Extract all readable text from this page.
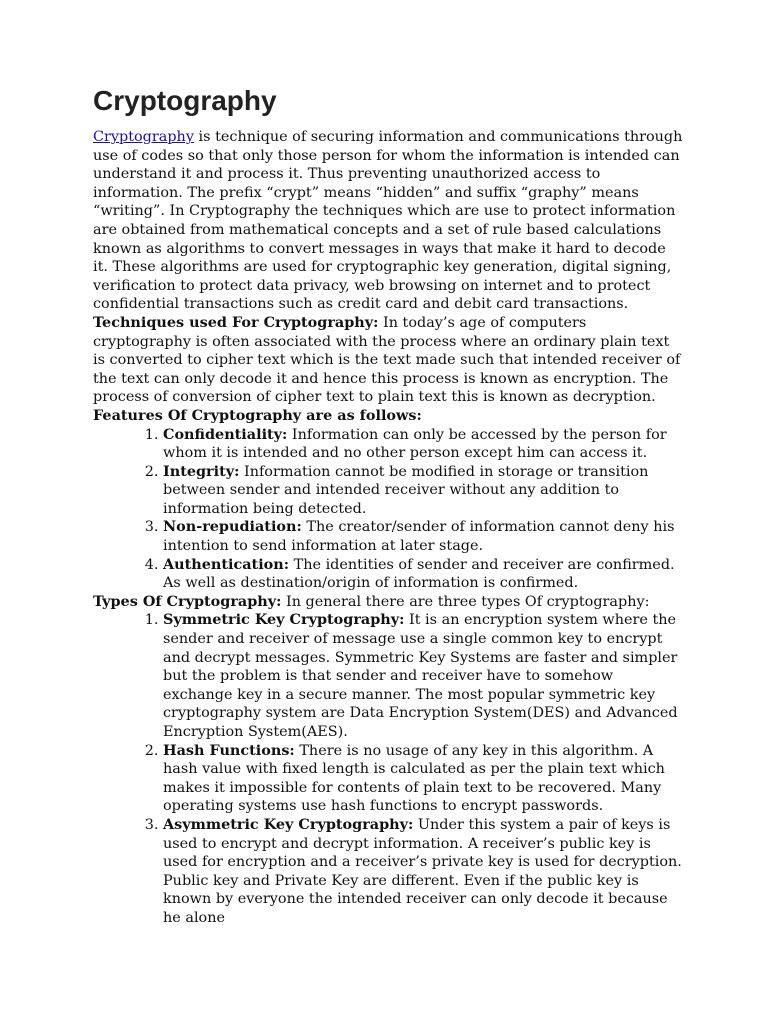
Cryptography

Cryptography is technique of securing information and communications through use of codes so that only those person for whom the information is intended can understand it and process it. Thus preventing unauthorized access to information. The prefix “crypt” means “hidden” and suffix “graphy” means “writing”. In Cryptography the techniques which are use to protect information are obtained from mathematical concepts and a set of rule based calculations known as algorithms to convert messages in ways that make it hard to decode it. These algorithms are used for cryptographic key generation, digital signing, verification to protect data privacy, web browsing on internet and to protect confidential transactions such as credit card and debit card transactions.

Techniques used For Cryptography: In today’s age of computers cryptography is often associated with the process where an ordinary plain text is converted to cipher text which is the text made such that intended receiver of the text can only decode it and hence this process is known as encryption. The process of conversion of cipher text to plain text this is known as decryption.

Features Of Cryptography are as follows:

1. Confidentiality: Information can only be accessed by the person for whom it is intended and no other person except him can access it.
2. Integrity: Information cannot be modified in storage or transition between sender and intended receiver without any addition to information being detected.
3. Non-repudiation: The creator/sender of information cannot deny his intention to send information at later stage.
4. Authentication: The identities of sender and receiver are confirmed. As well as destination/origin of information is confirmed.

Types Of Cryptography: In general there are three types Of cryptography:

1. Symmetric Key Cryptography: It is an encryption system where the sender and receiver of message use a single common key to encrypt and decrypt messages. Symmetric Key Systems are faster and simpler but the problem is that sender and receiver have to somehow exchange key in a secure manner. The most popular symmetric key cryptography system are Data Encryption System(DES) and Advanced Encryption System(AES).
2. Hash Functions: There is no usage of any key in this algorithm. A hash value with fixed length is calculated as per the plain text which makes it impossible for contents of plain text to be recovered. Many operating systems use hash functions to encrypt passwords.
3. Asymmetric Key Cryptography: Under this system a pair of keys is used to encrypt and decrypt information. A receiver’s public key is used for encryption and a receiver’s private key is used for decryption. Public key and Private Key are different. Even if the public key is known by everyone the intended receiver can only decode it because he alone
